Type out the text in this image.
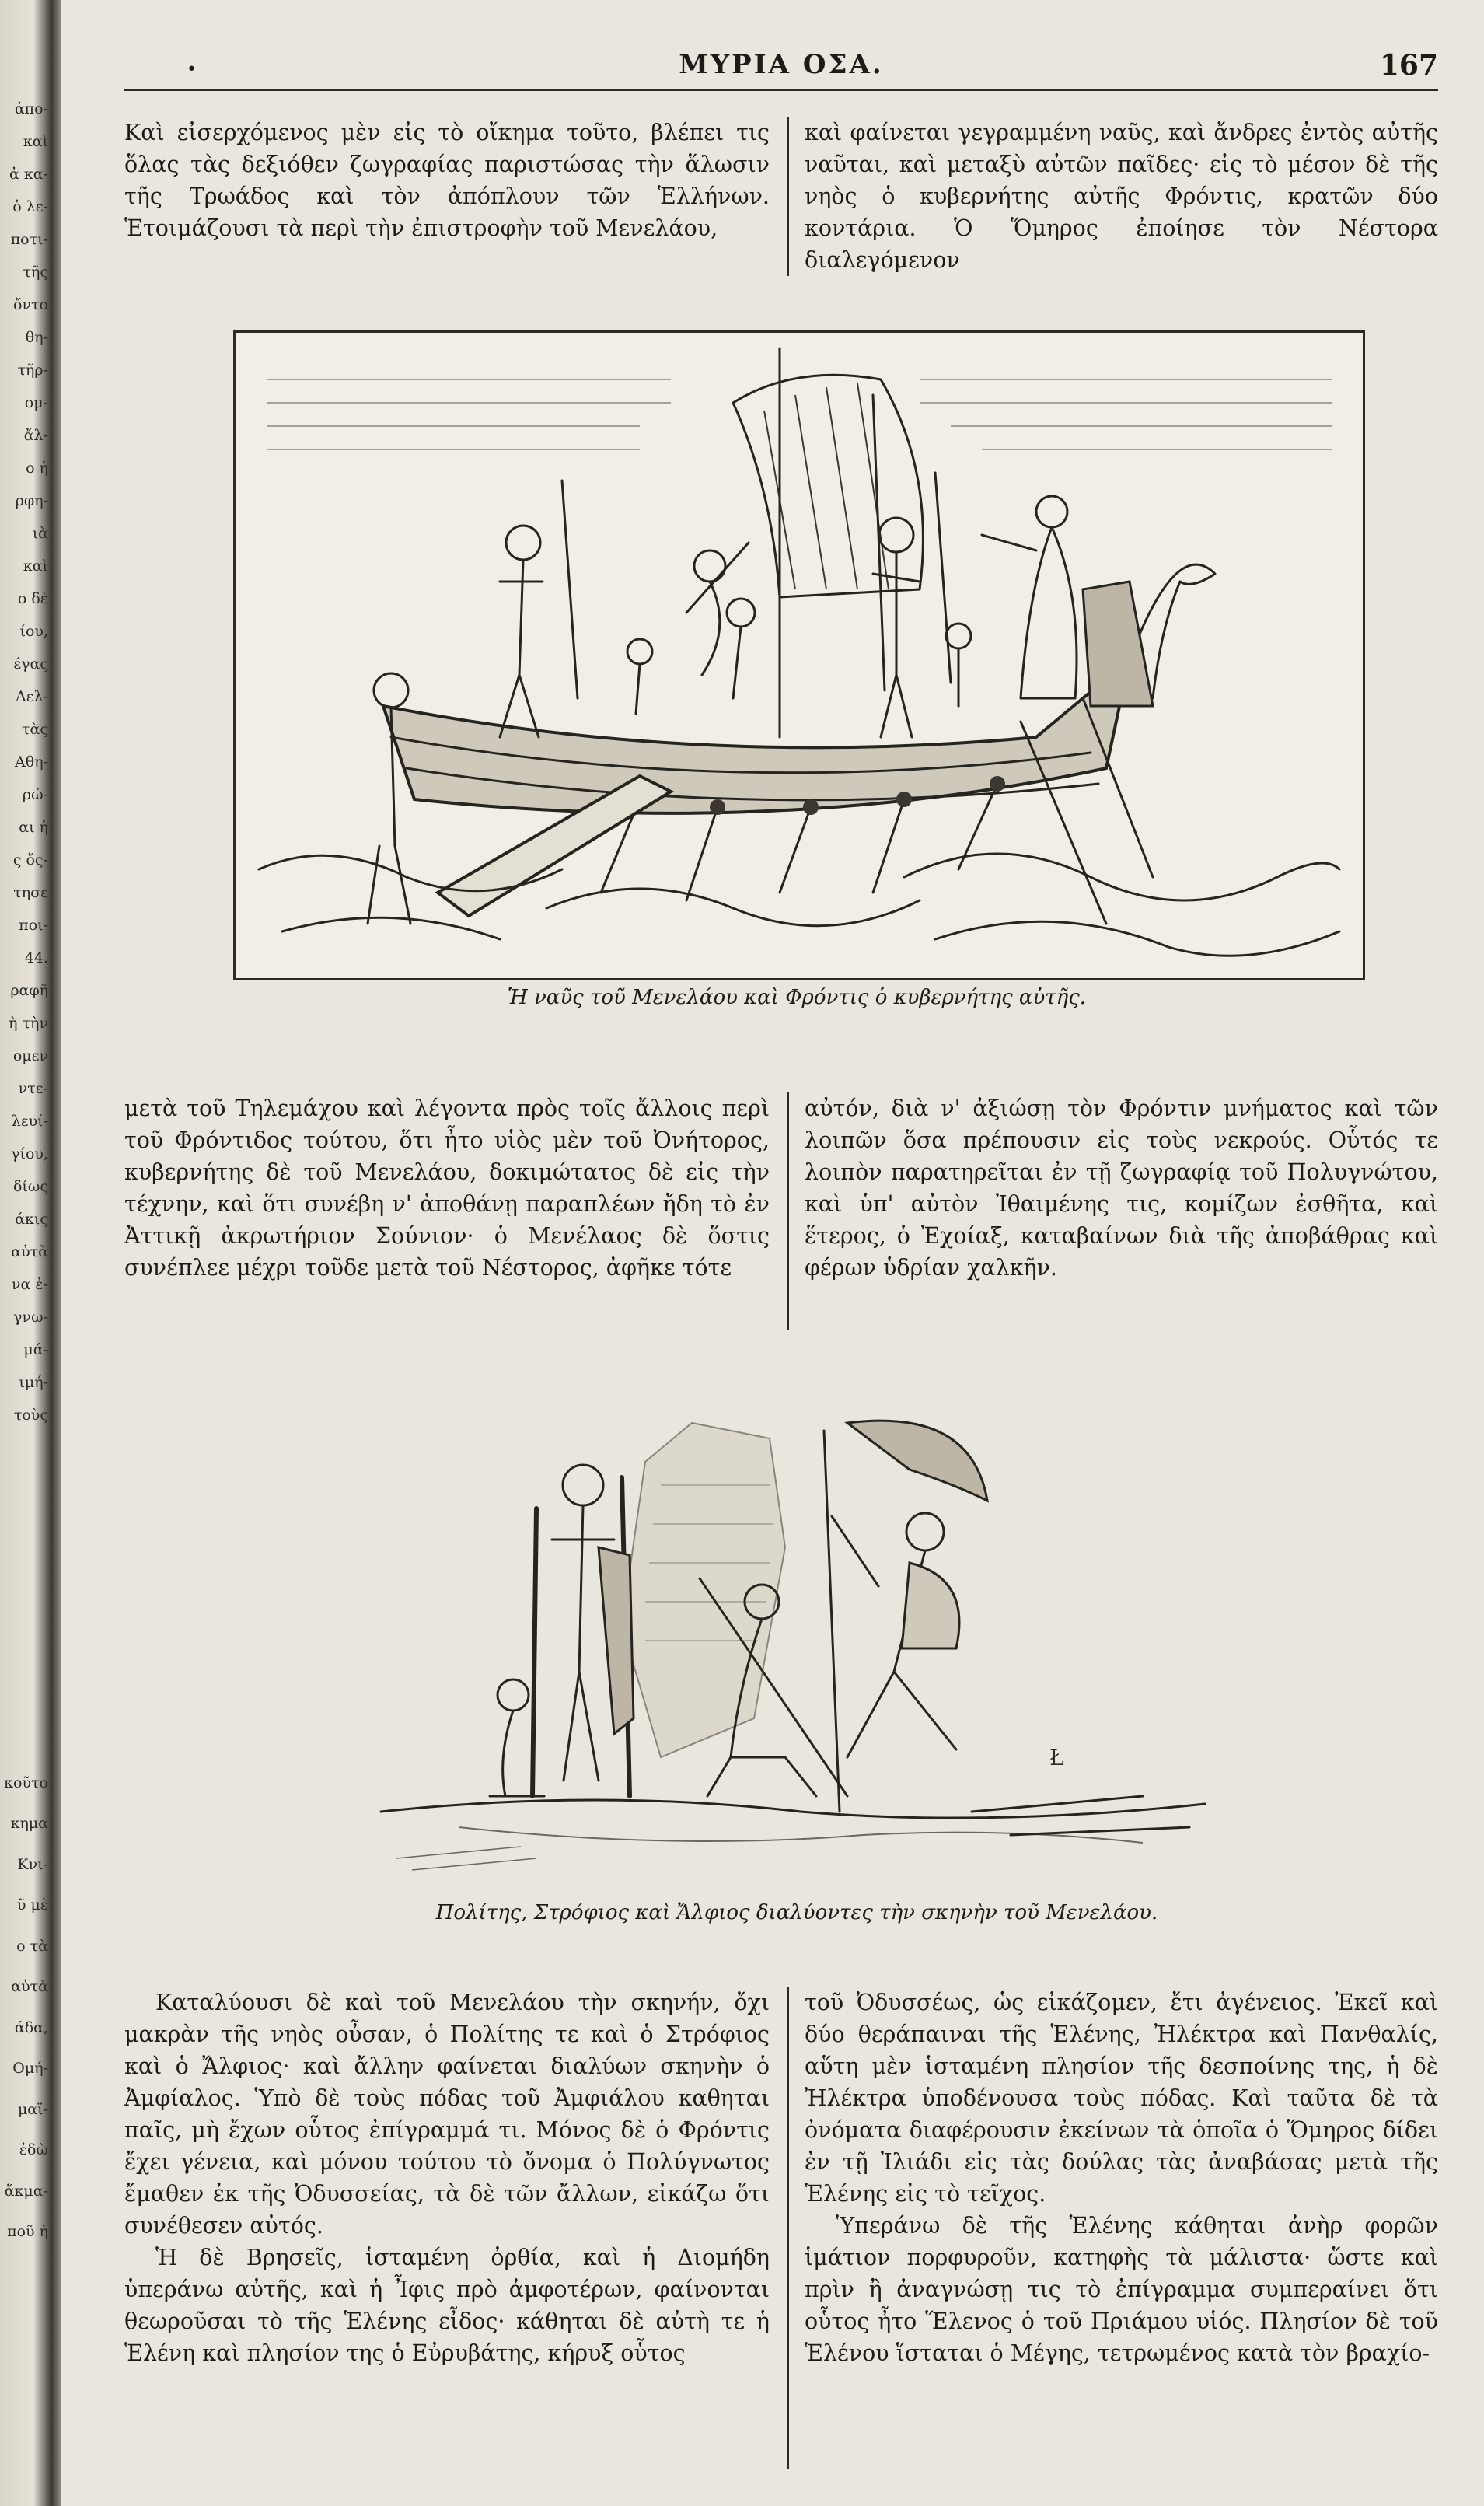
ἀπο-
καὶ
ἀ κα-
ὁ λε-
ποτι-
τῆς
ὄντο
θη-
τῆρ-
ομ-
ἄλ-
ο ἡ
ρφη-
ιὰ
καὶ
ο δὲ
ίου,
έγας
Δελ-
τὰς
Αθη-
ρώ-
αι ἡ
ς ὄς-
τησε
ποι-
44.
ραφῆ
ὴ τὴν
ομεν
ντε-
λευί-
γίου,
δίως
άκις
αὐτὰ
να ἐ-
γνω-
μά-
ιμή-
τοὺς
κοῦτο
κημα
Κνι-
ῦ μὲ
ο τὰ
αὐτὰ
άδα,
Ομή-
μαϊ-
ἐδὼ
ἄκμα-
ποῦ ἡ
•	ΜΥΡΙΑ ΟΣΑ.	167

Καὶ εἰσερχόμενος μὲν εἰς τὸ οἴκημα τοῦτο, βλέπει τις ὅλας τὰς δεξιόθεν ζωγραφίας παριστώσας τὴν ἅλωσιν τῆς Τρωάδος καὶ τὸν ἀπόπλουν τῶν Ἑλλήνων. Ἑτοιμάζουσι τὰ περὶ τὴν ἐπιστροφὴν τοῦ Μενελάου,

καὶ φαίνεται γεγραμμένη ναῦς, καὶ ἄνδρες ἐντὸς αὐτῆς ναῦται, καὶ μεταξὺ αὐτῶν παῖδες· εἰς τὸ μέσον δὲ τῆς νηὸς ὁ κυβερνήτης αὐτῆς Φρόντις, κρατῶν δύο κοντάρια. Ὁ Ὅμηρος ἐποίησε τὸν Νέστορα διαλεγόμενον

Ἡ ναῦς τοῦ Μενελάου καὶ Φρόντις ὁ κυβερνήτης αὐτῆς.

μετὰ τοῦ Τηλεμάχου καὶ λέγοντα πρὸς τοῖς ἄλλοις περὶ τοῦ Φρόντιδος τούτου, ὅτι ἦτο υἱὸς μὲν τοῦ Ὀνήτορος, κυβερνήτης δὲ τοῦ Μενελάου, δοκιμώτατος δὲ εἰς τὴν τέχνην, καὶ ὅτι συνέβη ν' ἀποθάνῃ παραπλέων ἤδη τὸ ἐν Ἀττικῇ ἀκρωτήριον Σούνιον· ὁ Μενέλαος δὲ ὅστις συνέπλεε μέχρι τοῦδε μετὰ τοῦ Νέστορος, ἀφῆκε τότε

αὐτόν, διὰ ν' ἀξιώσῃ τὸν Φρόντιν μνήματος καὶ τῶν λοιπῶν ὅσα πρέπουσιν εἰς τοὺς νεκρούς. Οὗτός τε λοιπὸν παρατηρεῖται ἐν τῇ ζωγραφίᾳ τοῦ Πολυγνώτου, καὶ ὑπ' αὐτὸν Ἰθαιμένης τις, κομίζων ἐσθῆτα, καὶ ἕτερος, ὁ Ἐχοίαξ, καταβαίνων διὰ τῆς ἀποβάθρας καὶ φέρων ὑδρίαν χαλκῆν.

Ł
Πολίτης, Στρόφιος καὶ Ἄλφιος διαλύοντες τὴν σκηνὴν τοῦ Μενελάου.

Καταλύουσι δὲ καὶ τοῦ Μενελάου τὴν σκηνήν, ὄχι μακρὰν τῆς νηὸς οὖσαν, ὁ Πολίτης τε καὶ ὁ Στρόφιος καὶ ὁ Ἄλφιος· καὶ ἄλλην φαίνεται διαλύων σκηνὴν ὁ Ἀμφίαλος. Ὑπὸ δὲ τοὺς πόδας τοῦ Ἀμφιάλου καθηται παῖς, μὴ ἔχων οὗτος ἐπίγραμμά τι. Μόνος δὲ ὁ Φρόντις ἔχει γένεια, καὶ μόνου τούτου τὸ ὄνομα ὁ Πολύγνωτος ἔμαθεν ἐκ τῆς Ὀδυσσείας, τὰ δὲ τῶν ἄλλων, εἰκάζω ὅτι συνέθεσεν αὐτός.

Ἡ δὲ Βρησεῖς, ἱσταμένη ὀρθία, καὶ ἡ Διομήδη ὑπεράνω αὐτῆς, καὶ ἡ Ἶφις πρὸ ἀμφοτέρων, φαίνονται θεωροῦσαι τὸ τῆς Ἑλένης εἶδος· κάθηται δὲ αὐτὴ τε ἡ Ἑλένη καὶ πλησίον της ὁ Εὐρυβάτης, κήρυξ οὗτος

τοῦ Ὀδυσσέως, ὡς εἰκάζομεν, ἔτι ἀγένειος. Ἐκεῖ καὶ δύο θεράπαιναι τῆς Ἑλένης, Ἠλέκτρα καὶ Πανθαλίς, αὕτη μὲν ἱσταμένη πλησίον τῆς δεσποίνης της, ἡ δὲ Ἠλέκτρα ὑποδένουσα τοὺς πόδας. Καὶ ταῦτα δὲ τὰ ὀνόματα διαφέρουσιν ἐκείνων τὰ ὁποῖα ὁ Ὅμηρος δίδει ἐν τῇ Ἰλιάδι εἰς τὰς δούλας τὰς ἀναβάσας μετὰ τῆς Ἑλένης εἰς τὸ τεῖχος.

Ὑπεράνω δὲ τῆς Ἑλένης κάθηται ἀνὴρ φορῶν ἱμάτιον πορφυροῦν, κατηφὴς τὰ μάλιστα· ὥστε καὶ πρὶν ἢ ἀναγνώσῃ τις τὸ ἐπίγραμμα συμπεραίνει ὅτι οὗτος ἦτο Ἕλενος ὁ τοῦ Πριάμου υἱός. Πλησίον δὲ τοῦ Ἑλένου ἵσταται ὁ Μέγης, τετρωμένος κατὰ τὸν βραχίο-
